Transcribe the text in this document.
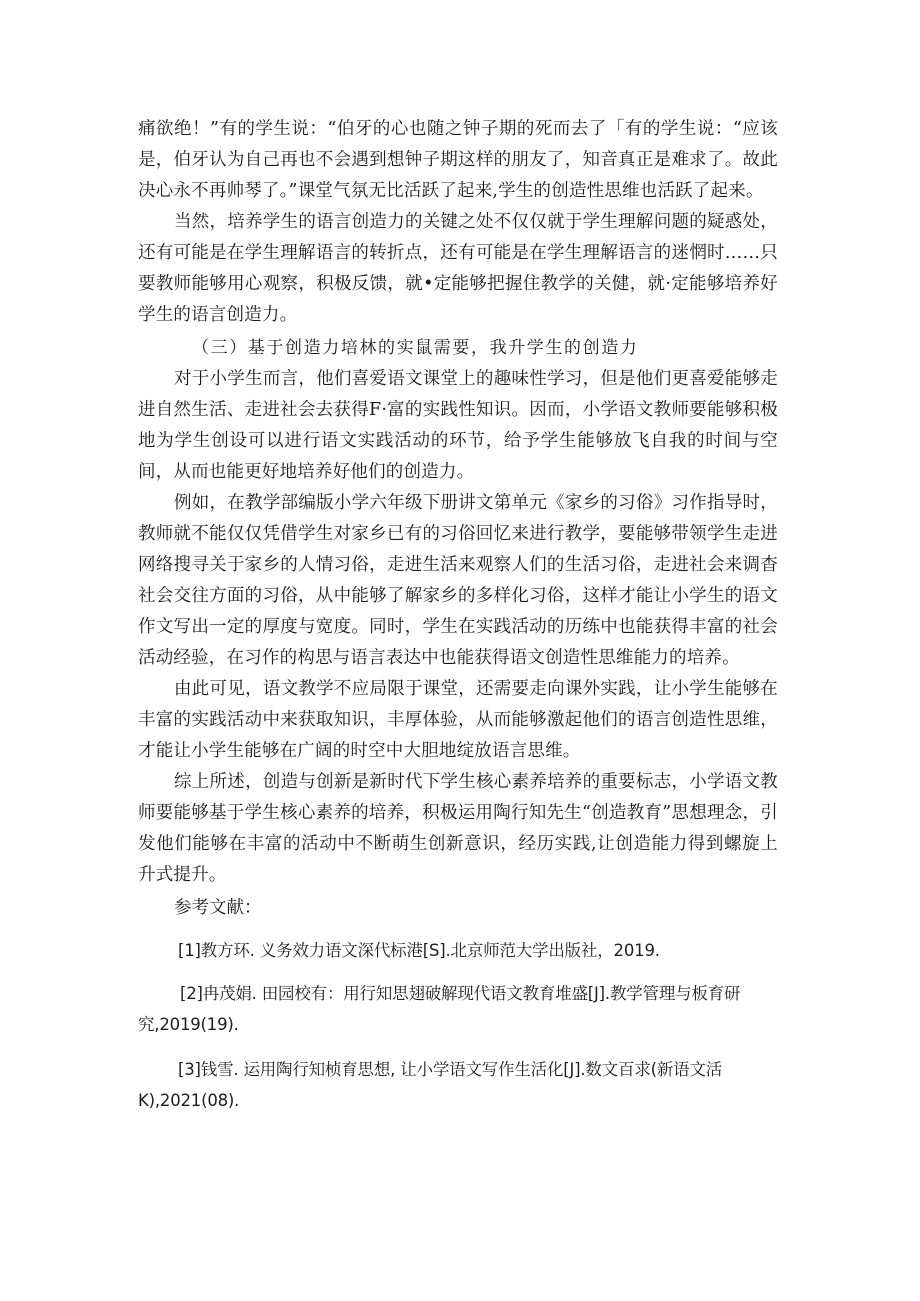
痛欲绝！”有的学生说：“伯牙的心也随之钟子期的死而去了「有的学生说：“应该是，伯牙认为自己再也不会遇到想钟子期这样的朋友了，知音真正是难求了。故此决心永不再帅琴了。”课堂气氛无比活跃了起来,学生的创造性思维也活跃了起来。

当然，培养学生的语言创造力的关键之处不仅仅就于学生理解问题的疑惑处，还有可能是在学生理解语言的转折点，还有可能是在学生理解语言的迷惘时……只要教师能够用心观察，积极反馈，就•定能够把握住教学的关健，就·定能够培养好学生的语言创造力。

（三）基于创造力培林的实鼠需要，我升学生的创造力

对于小学生而言，他们喜爱语文课堂上的趣味性学习，但是他们更喜爱能够走进自然生活、走进社会去获得F·富的实践性知识。因而，小学语文教师要能够积极地为学生创设可以进行语文实践活动的环节，给予学生能够放飞自我的时间与空间，从而也能更好地培养好他们的创造力。

例如，在教学部编版小学六年级下册讲文第单元《家乡的习俗》习作指导时，教师就不能仅仅凭借学生对家乡已有的习俗回忆来进行教学，要能够带领学生走进网络搜寻关于家乡的人情习俗，走进生活来观察人们的生活习俗，走进社会来调杳社会交往方面的习俗，从中能够了解家乡的多样化习俗，这样才能让小学生的语文作文写出一定的厚度与宽度。同时，学生在实践活动的历练中也能获得丰富的社会活动经验，在习作的构思与语言表达中也能获得语文创造性思维能力的培养。

由此可见，语文教学不应局限于课堂，还需要走向课外实践，让小学生能够在丰富的实践活动中来获取知识，丰厚体验，从而能够激起他们的语言创造性思维，才能让小学生能够在广阔的时空中大胆地绽放语言思维。

综上所述，创造与创新是新时代下学生核心素养培养的重要标志，小学语文教师要能够基于学生核心素养的培养，积极运用陶行知先生“创造教育”思想理念，引发他们能够在丰富的活动中不断萌生创新意识，经历实践,让创造能力得到螺旋上升式提升。

参考文献：

[1]教方环. 义务效力语文深代标港[S].北京师范大学出版社，2019.

[2]冉茂娟. 田园校有：用行知思翅破解现代语文教育堆盛[J].教学管理与板育研究,2019(19).

[3]钱雪. 运用陶行知桢育思想, 让小学语文写作生活化[J].数文百求(新语文活K),2021(08).
